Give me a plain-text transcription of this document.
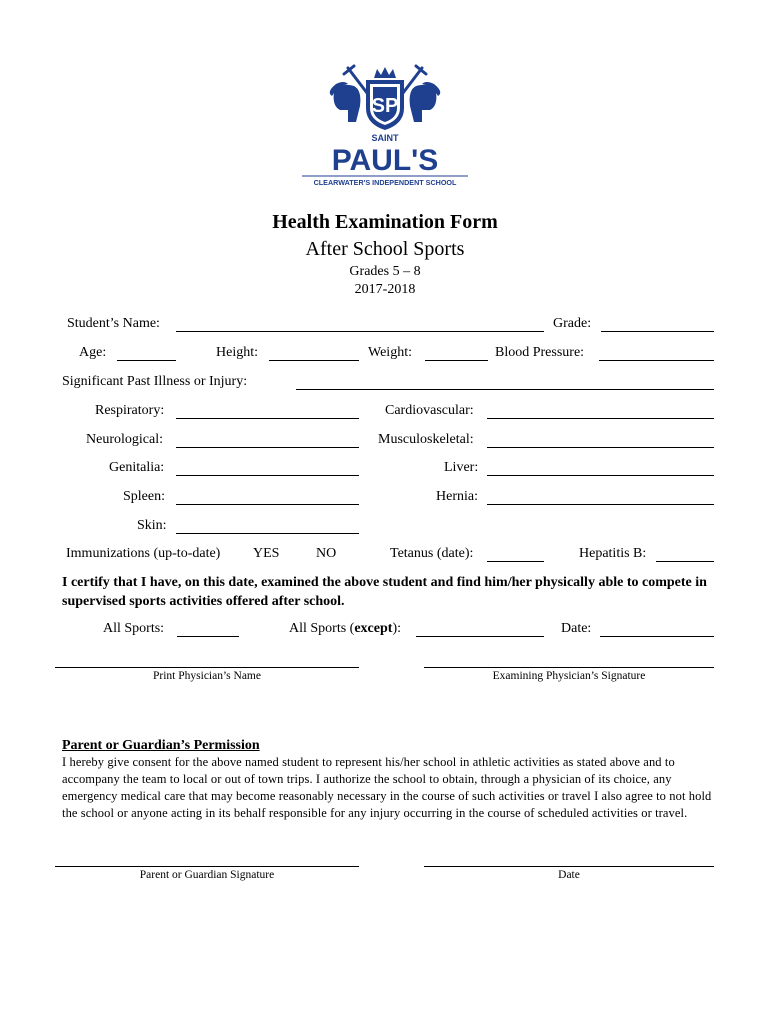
SP
SAINT
PAUL'S
CLEARWATER'S INDEPENDENT SCHOOL
Health Examination Form
After School Sports
Grades 5 – 8
2017-2018
Student’s Name:	Grade:
Age:	Height:	Weight:	Blood Pressure:
Significant Past Illness or Injury:
Respiratory:	Cardiovascular:
Neurological:	Musculoskeletal:
Genitalia:	Liver:
Spleen:	Hernia:
Skin:
Immunizations (up-to-date) YES	NO	Tetanus (date):	Hepatitis B:
I certify that I have, on this date, examined the above student and find him/her physically able to compete in supervised sports activities offered after school.
All Sports:	All Sports (except):	Date:
Print Physician’s Name	Examining Physician’s Signature
Parent or Guardian’s Permission
I hereby give consent for the above named student to represent his/her school in athletic activities as stated above and to accompany the team to local or out of town trips. I authorize the school to obtain, through a physician of its choice, any emergency medical care that may become reasonably necessary in the course of such activities or travel I also agree to not hold the school or anyone acting in its behalf responsible for any injury occurring in the course of scheduled activities or travel.
Parent or Guardian Signature	Date
